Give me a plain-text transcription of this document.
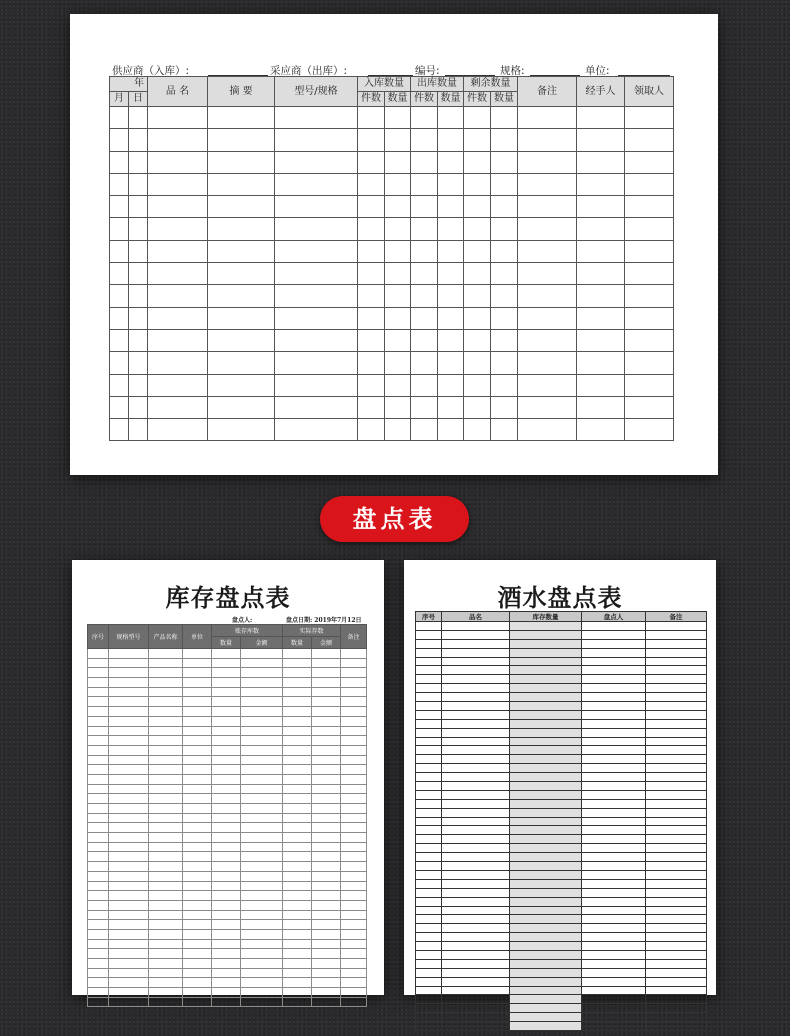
供应商（入库）:	采应商（出库）:	编号:	规格:	单位:
年		品 名	摘 要	型号/规格	入库数量		出库数量		剩余数量		备注	经手人	领取人
月	日				件数	数量	件数	数量	件数	数量			

盘点表
库存盘点表
盘点人:	盘点日期: 2019年7月12日
序号	规格型号	产品名称	单位	账存库数		实际存数		备注
				数量	金额	数量	金额	

酒水盘点表
序号	品名	库存数量	盘点人	备注
